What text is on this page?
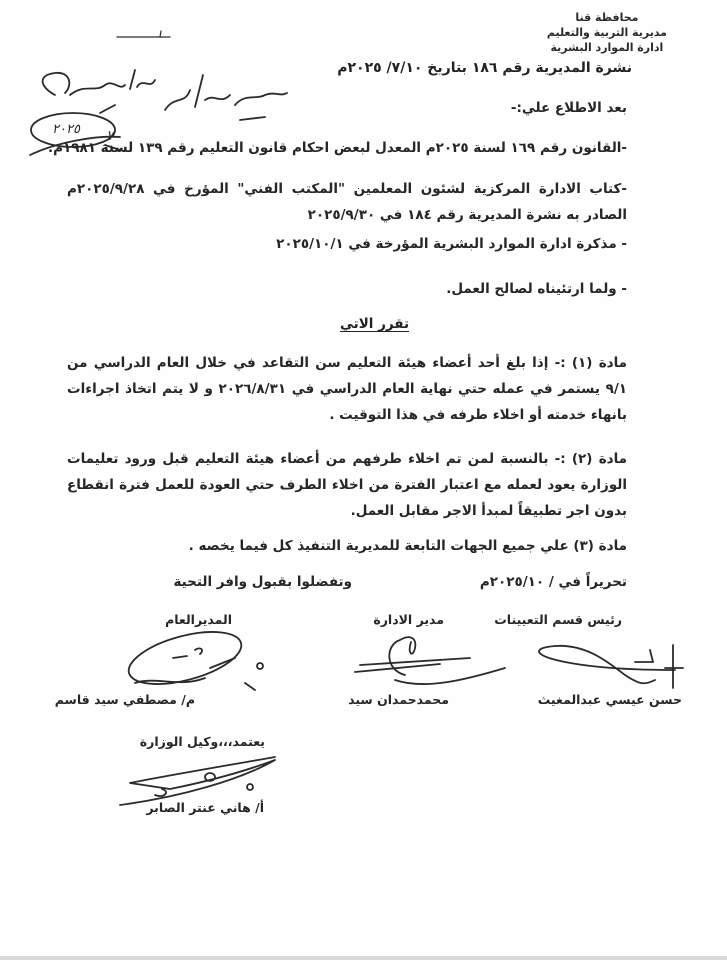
محافظة قنا
مديرية التربية والتعليم
ادارة الموارد البشرية
نشرة المديرية رقم ١٨٦ بتاريخ ٧/١٠/ ٢٠٢٥م
٢٠٢٥ ٧
بعد الاطلاع علي:-
-القانون رقم ١٦٩ لسنة ٢٠٢٥م المعدل لبعض احكام قانون التعليم رقم ١٣٩ لسنة ١٩٨١م.
-كتاب الادارة المركزية لشئون المعلمين "المكتب الفني" المؤرخ في ٢٠٢٥/٩/٢٨م الصادر به نشرة المديرية رقم ١٨٤ في ٢٠٢٥/٩/٣٠
- مذكرة ادارة الموارد البشرية المؤرخة في ٢٠٢٥/١٠/١
- ولما ارتئيناه لصالح العمل.
تقرر الاتي
مادة (١) :- إذا بلغ أحد أعضاء هيئة التعليم سن التقاعد في خلال العام الدراسي من ٩/١ يستمر في عمله حتي نهاية العام الدراسي في ٢٠٢٦/٨/٣١ و لا يتم اتخاذ اجراءات بانهاء خدمته أو اخلاء طرفه في هذا التوقيت .
مادة (٢) :- بالنسبة لمن تم اخلاء طرفهم من أعضاء هيئة التعليم قبل ورود تعليمات الوزارة يعود لعمله مع اعتبار الفترة من اخلاء الطرف حتي العودة للعمل فترة انقطاع بدون اجر تطبيقاً لمبدأ الاجر مقابل العمل.
مادة (٣) علي جميع الجهات التابعة للمديرية التنفيذ كل فيما يخصه .
تحريراً في / ٢٠٢٥/١٠م
وتفضلوا بقبول وافر التحية
رئيس قسم التعيينات
مدير الادارة
المديرالعام
حسن عيسي عبدالمغيث
محمدحمدان سيد
م/ مصطفي سيد قاسم
يعتمد،،،وكيل الوزارة
أ/ هاني عنتر الصابر
